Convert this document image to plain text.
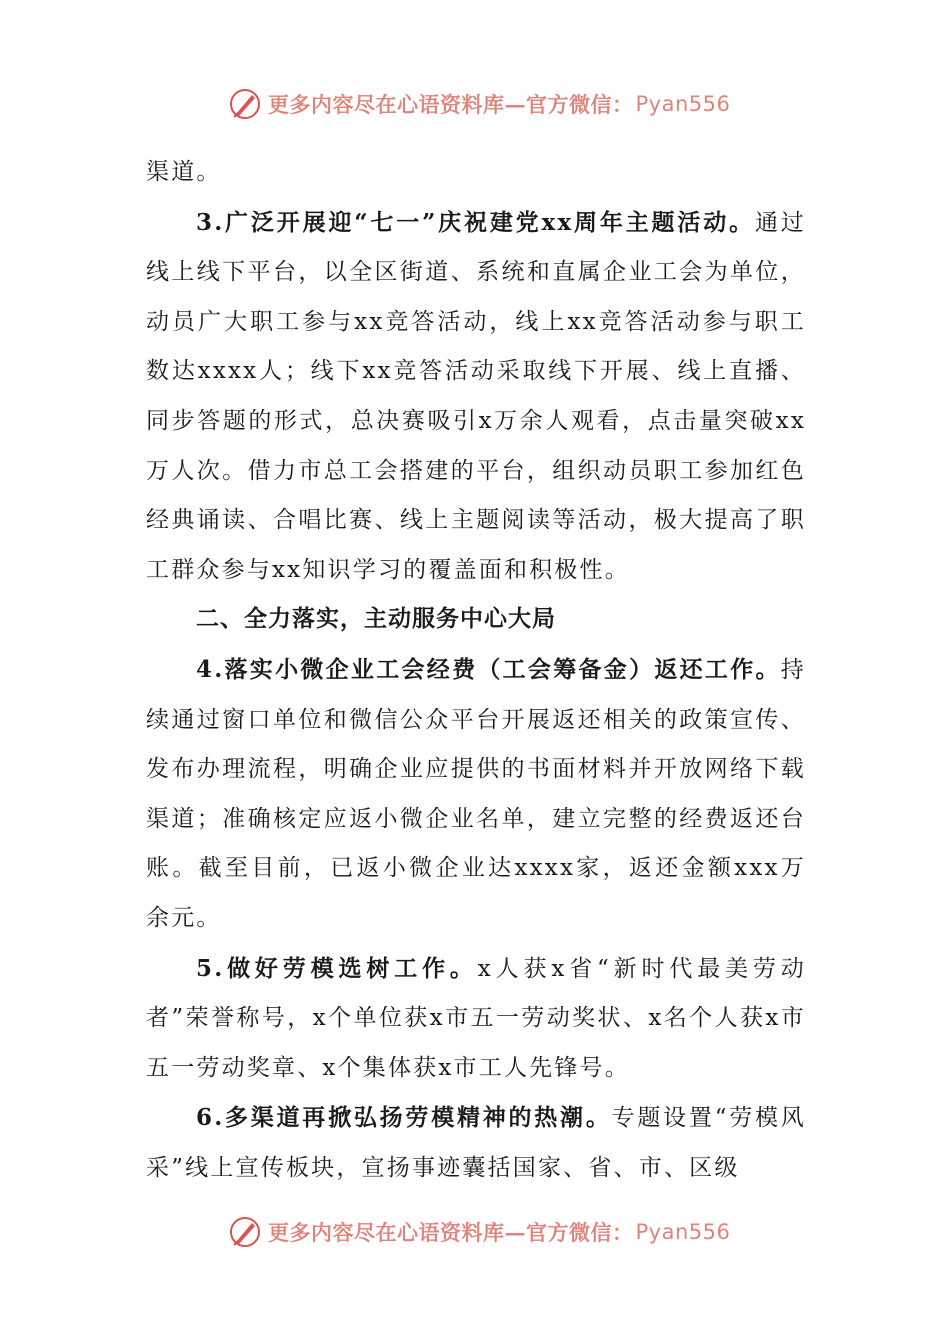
更多内容尽在心语资料库—官方微信： Pyan556

渠道。

3.广泛开展迎“七一”庆祝建党xx周年主题活动。通过线上线下平台，以全区街道、系统和直属企业工会为单位，动员广大职工参与xx竞答活动，线上xx竞答活动参与职工数达xxxx人；线下xx竞答活动采取线下开展、线上直播、同步答题的形式，总决赛吸引x万余人观看，点击量突破xx万人次。借力市总工会搭建的平台，组织动员职工参加红色经典诵读、合唱比赛、线上主题阅读等活动，极大提高了职工群众参与xx知识学习的覆盖面和积极性。

二、全力落实，主动服务中心大局

4.落实小微企业工会经费（工会筹备金）返还工作。持续通过窗口单位和微信公众平台开展返还相关的政策宣传、发布办理流程，明确企业应提供的书面材料并开放网络下载渠道；准确核定应返小微企业名单，建立完整的经费返还台账。截至目前，已返小微企业达xxxx家，返还金额xxx万余元。

5.做好劳模选树工作。x人获x省“新时代最美劳动者”荣誉称号，x个单位获x市五一劳动奖状、x名个人获x市五一劳动奖章、x个集体获x市工人先锋号。

6.多渠道再掀弘扬劳模精神的热潮。专题设置“劳模风采”线上宣传板块，宣扬事迹囊括国家、省、市、区级

更多内容尽在心语资料库—官方微信： Pyan556
